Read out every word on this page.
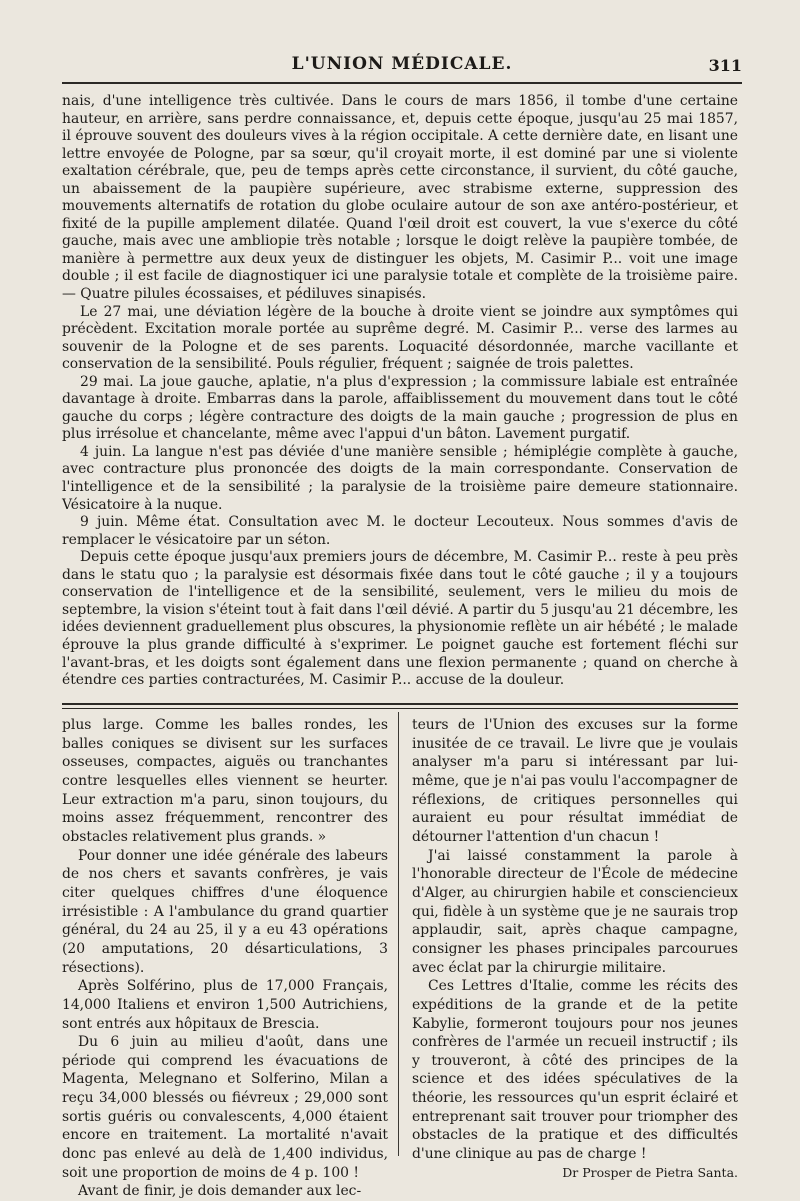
L'UNION MÉDICALE.	311

nais, d'une intelligence très cultivée. Dans le cours de mars 1856, il tombe d'une certaine hauteur, en arrière, sans perdre connaissance, et, depuis cette époque, jusqu'au 25 mai 1857, il éprouve souvent des douleurs vives à la région occipitale. A cette dernière date, en lisant une lettre envoyée de Pologne, par sa sœur, qu'il croyait morte, il est dominé par une si violente exaltation cérébrale, que, peu de temps après cette circonstance, il survient, du côté gauche, un abaissement de la paupière supérieure, avec strabisme externe, suppression des mouvements alternatifs de rotation du globe oculaire autour de son axe antéro-postérieur, et fixité de la pupille amplement dilatée. Quand l'œil droit est couvert, la vue s'exerce du côté gauche, mais avec une ambliopie très notable ; lorsque le doigt relève la paupière tombée, de manière à permettre aux deux yeux de distinguer les objets, M. Casimir P... voit une image double ; il est facile de diagnostiquer ici une paralysie totale et complète de la troisième paire. — Quatre pilules écossaises, et pédiluves sinapisés.

Le 27 mai, une déviation légère de la bouche à droite vient se joindre aux symptômes qui précèdent. Excitation morale portée au suprême degré. M. Casimir P... verse des larmes au souvenir de la Pologne et de ses parents. Loquacité désordonnée, marche vacillante et conservation de la sensibilité. Pouls régulier, fréquent ; saignée de trois palettes.

29 mai. La joue gauche, aplatie, n'a plus d'expression ; la commissure labiale est entraînée davantage à droite. Embarras dans la parole, affaiblissement du mouvement dans tout le côté gauche du corps ; légère contracture des doigts de la main gauche ; progression de plus en plus irrésolue et chancelante, même avec l'appui d'un bâton. Lavement purgatif.

4 juin. La langue n'est pas déviée d'une manière sensible ; hémiplégie complète à gauche, avec contracture plus prononcée des doigts de la main correspondante. Conservation de l'intelligence et de la sensibilité ; la paralysie de la troisième paire demeure stationnaire. Vésicatoire à la nuque.

9 juin. Même état. Consultation avec M. le docteur Lecouteux. Nous sommes d'avis de remplacer le vésicatoire par un séton.

Depuis cette époque jusqu'aux premiers jours de décembre, M. Casimir P... reste à peu près dans le statu quo ; la paralysie est désormais fixée dans tout le côté gauche ; il y a toujours conservation de l'intelligence et de la sensibilité, seulement, vers le milieu du mois de septembre, la vision s'éteint tout à fait dans l'œil dévié. A partir du 5 jusqu'au 21 décembre, les idées deviennent graduellement plus obscures, la physionomie reflète un air hébété ; le malade éprouve la plus grande difficulté à s'exprimer. Le poignet gauche est fortement fléchi sur l'avant-bras, et les doigts sont également dans une flexion permanente ; quand on cherche à étendre ces parties contracturées, M. Casimir P... accuse de la douleur.

plus large. Comme les balles rondes, les balles coniques se divisent sur les surfaces osseuses, compactes, aiguës ou tranchantes contre lesquelles elles viennent se heurter. Leur extraction m'a paru, sinon toujours, du moins assez fréquemment, rencontrer des obstacles relativement plus grands. »

Pour donner une idée générale des labeurs de nos chers et savants confrères, je vais citer quelques chiffres d'une éloquence irrésistible : A l'ambulance du grand quartier général, du 24 au 25, il y a eu 43 opérations (20 amputations, 20 désarticulations, 3 résections).

Après Solférino, plus de 17,000 Français, 14,000 Italiens et environ 1,500 Autrichiens, sont entrés aux hôpitaux de Brescia.

Du 6 juin au milieu d'août, dans une période qui comprend les évacuations de Magenta, Melegnano et Solferino, Milan a reçu 34,000 blessés ou fiévreux ; 29,000 sont sortis guéris ou convalescents, 4,000 étaient encore en traitement. La mortalité n'avait donc pas enlevé au delà de 1,400 individus, soit une proportion de moins de 4 p. 100 !

Avant de finir, je dois demander aux lec-

teurs de l'Union des excuses sur la forme inusitée de ce travail. Le livre que je voulais analyser m'a paru si intéressant par lui-même, que je n'ai pas voulu l'accompagner de réflexions, de critiques personnelles qui auraient eu pour résultat immédiat de détourner l'attention d'un chacun !

J'ai laissé constamment la parole à l'honorable directeur de l'École de médecine d'Alger, au chirurgien habile et consciencieux qui, fidèle à un système que je ne saurais trop applaudir, sait, après chaque campagne, consigner les phases principales parcourues avec éclat par la chirurgie militaire.

Ces Lettres d'Italie, comme les récits des expéditions de la grande et de la petite Kabylie, formeront toujours pour nos jeunes confrères de l'armée un recueil instructif ; ils y trouveront, à côté des principes de la science et des idées spéculatives de la théorie, les ressources qu'un esprit éclairé et entreprenant sait trouver pour triompher des obstacles de la pratique et des difficultés d'une clinique au pas de charge !

Dr Prosper de Pietra Santa.
